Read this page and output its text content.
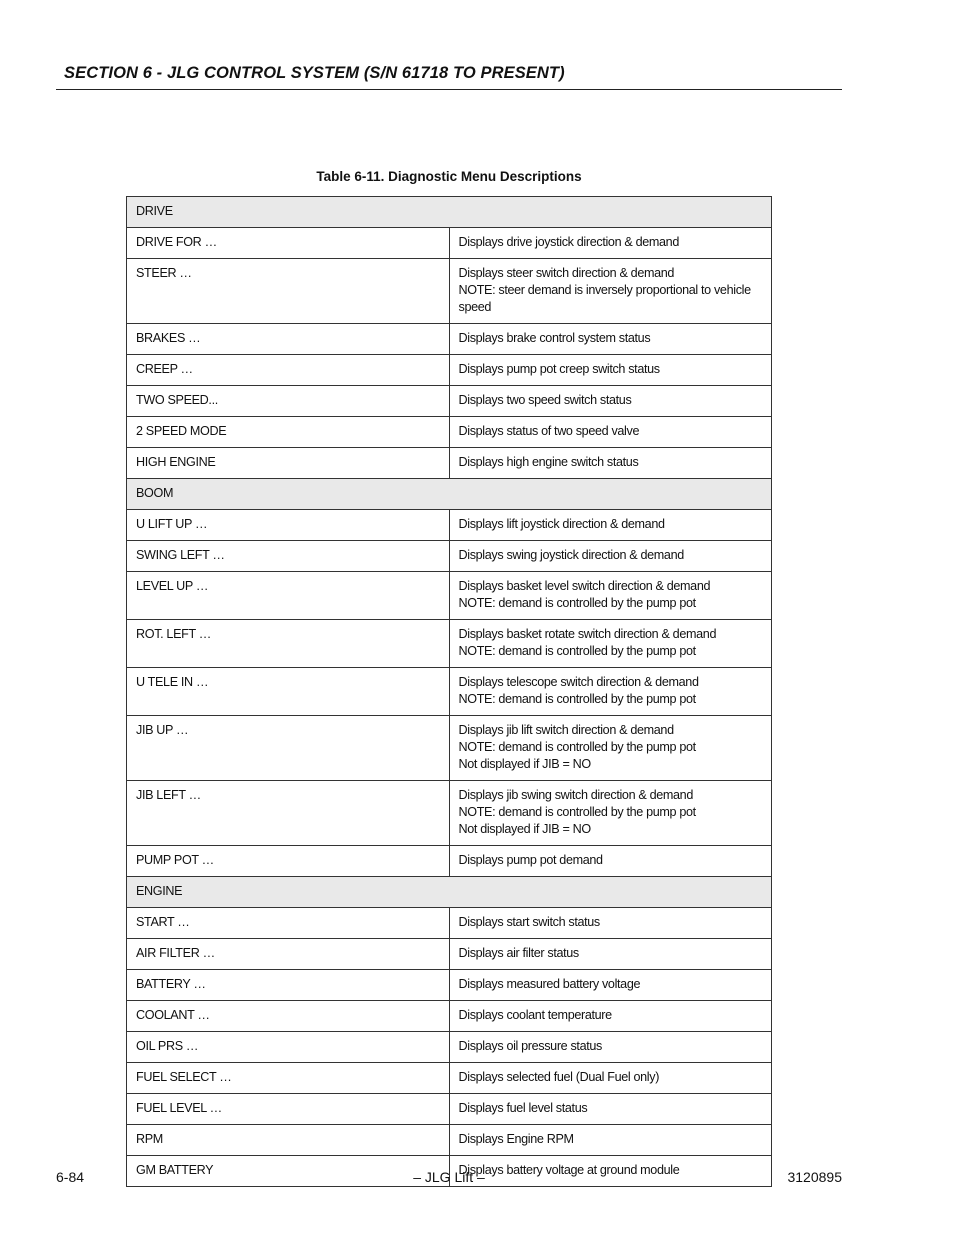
SECTION 6 - JLG CONTROL SYSTEM (S/N 61718 TO PRESENT)
Table 6-11. Diagnostic Menu Descriptions
DRIVE	
DRIVE FOR …	Displays drive joystick direction & demand

STEER …	Displays steer switch direction & demand
NOTE: steer demand is inversely proportional to vehicle speed

BRAKES …	Displays brake control system status

CREEP …	Displays pump pot creep switch status

TWO SPEED...	Displays two speed switch status

2 SPEED MODE	Displays status of two speed valve

HIGH ENGINE	Displays high engine switch status

BOOM	
U LIFT UP …	Displays lift joystick direction & demand

SWING LEFT …	Displays swing joystick direction & demand

LEVEL UP …	Displays basket level switch direction & demand
NOTE: demand is controlled by the pump pot

ROT. LEFT …	Displays basket rotate switch direction & demand
NOTE: demand is controlled by the pump pot

U TELE IN …	Displays telescope switch direction & demand
NOTE: demand is controlled by the pump pot

JIB UP …	Displays jib lift switch direction & demand
NOTE: demand is controlled by the pump pot
Not displayed if JIB = NO

JIB LEFT …	Displays jib swing switch direction & demand
NOTE: demand is controlled by the pump pot
Not displayed if JIB = NO

PUMP POT …	Displays pump pot demand

ENGINE	
START …	Displays start switch status

AIR FILTER …	Displays air filter status

BATTERY …	Displays measured battery voltage

COOLANT …	Displays coolant temperature

OIL PRS …	Displays oil pressure status

FUEL SELECT …	Displays selected fuel (Dual Fuel only)

FUEL LEVEL …	Displays fuel level status

RPM	Displays Engine RPM

GM BATTERY	Displays battery voltage at ground module
6-84	– JLG Lift –	3120895
